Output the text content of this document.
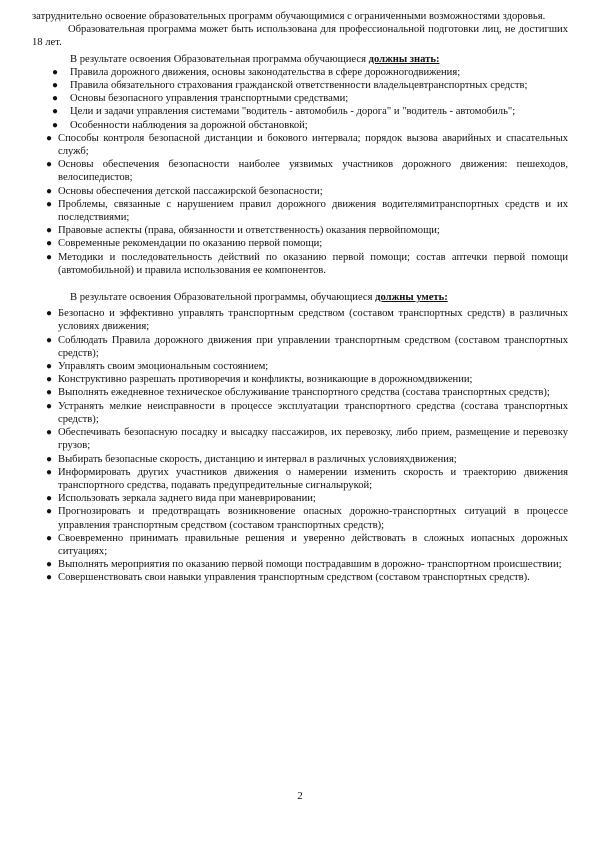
затруднительно освоение образовательных программ обучающимися с ограниченными возможностями здоровья.

Образовательная программа может быть использована для профессиональной подготовки лиц, не достигших 18 лет.

В результате освоения Образовательная программа обучающиеся должны знать:

● Правила дорожного движения, основы законодательства в сфере дорожногодвижения;
● Правила обязательного страхования гражданской ответственности владельцевтранспортных средств;
● Основы безопасного управления транспортными средствами;
● Цели и задачи управления системами "водитель - автомобиль - дорога" и "водитель - автомобиль";
● Особенности наблюдения за дорожной обстановкой;
● Способы контроля безопасной дистанции и бокового интервала; порядок вызова аварийных и спасательных служб;
● Основы обеспечения безопасности наиболее уязвимых участников дорожного движения: пешеходов, велосипедистов;
● Основы обеспечения детской пассажирской безопасности;
● Проблемы, связанные с нарушением правил дорожного движения водителямитранспортных средств и их последствиями;
● Правовые аспекты (права, обязанности и ответственность) оказания первойпомощи;
● Современные рекомендации по оказанию первой помощи;
● Методики и последовательность действий по оказанию первой помощи; состав аптечки первой помощи (автомобильной) и правила использования ее компонентов.

В результате освоения Образовательной программы, обучающиеся должны уметь:

● Безопасно и эффективно управлять транспортным средством (составом транспортных средств) в различных условиях движения;
● Соблюдать Правила дорожного движения при управлении транспортным средством (составом транспортных средств);
● Управлять своим эмоциональным состоянием;
● Конструктивно разрешать противоречия и конфликты, возникающие в дорожномдвижении;
● Выполнять ежедневное техническое обслуживание транспортного средства (состава транспортных средств);
● Устранять мелкие неисправности в процессе эксплуатации транспортного средства (состава транспортных средств);
● Обеспечивать безопасную посадку и высадку пассажиров, их перевозку, либо прием, размещение и перевозку грузов;
● Выбирать безопасные скорость, дистанцию и интервал в различных условияхдвижения;
● Информировать других участников движения о намерении изменить скорость и траекторию движения транспортного средства, подавать предупредительные сигналырукой;
● Использовать зеркала заднего вида при маневрировании;
● Прогнозировать и предотвращать возникновение опасных дорожно-транспортных ситуаций в процессе управления транспортным средством (составом транспортных средств);
● Своевременно принимать правильные решения и уверенно действовать в сложных иопасных дорожных ситуациях;
● Выполнять мероприятия по оказанию первой помощи пострадавшим в дорожно- транспортном происшествии;
● Совершенствовать свои навыки управления транспортным средством (составом транспортных средств).
2
